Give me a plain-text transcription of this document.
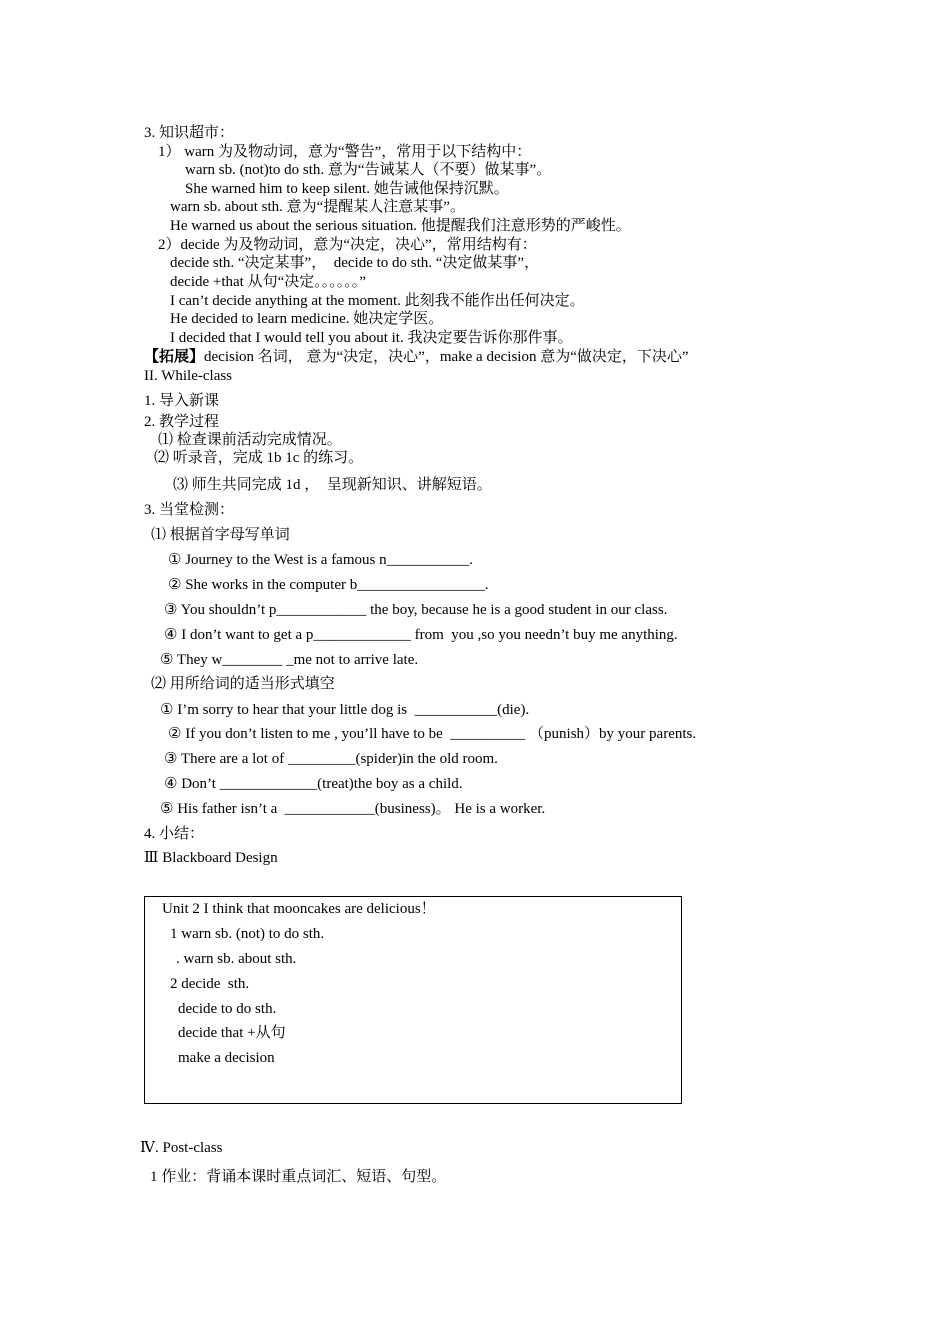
3. 知识超市：
1） warn 为及物动词，意为“警告”，常用于以下结构中：
warn sb. (not)to do sth. 意为“告诫某人（不要）做某事”。
She warned him to keep silent. 她告诫他保持沉默。
warn sb. about sth. 意为“提醒某人注意某事”。
He warned us about the serious situation. 他提醒我们注意形势的严峻性。
2）decide 为及物动词，意为“决定，决心”，常用结构有：
decide sth. “决定某事”，  decide to do sth. “决定做某事”，
decide +that 从句“决定。。。。。。”
I can’t decide anything at the moment. 此刻我不能作出任何决定。
He decided to learn medicine. 她决定学医。
I decided that I would tell you about it. 我决定要告诉你那件事。
【拓展】decision 名词， 意为“决定，决心”，make a decision 意为“做决定，下决心”
II. While-class
1. 导入新课
2. 教学过程
⑴ 检查课前活动完成情况。
⑵ 听录音，完成 1b 1c 的练习。
⑶ 师生共同完成 1d ，  呈现新知识、讲解短语。
3. 当堂检测：
⑴ 根据首字母写单词
① Journey to the West is a famous n___________.
② She works in the computer b_________________.
③ You shouldn’t p____________ the boy, because he is a good student in our class.
④ I don’t want to get a p_____________ from  you ,so you needn’t buy me anything.
⑤ They w________ _me not to arrive late.
⑵ 用所给词的适当形式填空
① I’m sorry to hear that your little dog is  ___________(die).
② If you don’t listen to me , you’ll have to be  __________ （punish）by your parents.
③ There are a lot of _________(spider)in the old room.
④ Don’t _____________(treat)the boy as a child.
⑤ His father isn’t a  ____________(business)。 He is a worker.
4. 小结：
Ⅲ Blackboard Design
Unit 2 I think that mooncakes are delicious！
1 warn sb. (not) to do sth.
. warn sb. about sth.
2 decide  sth.
decide to do sth.
decide that +从句
make a decision
Ⅳ. Post-class
1 作业：背诵本课时重点词汇、短语、句型。
